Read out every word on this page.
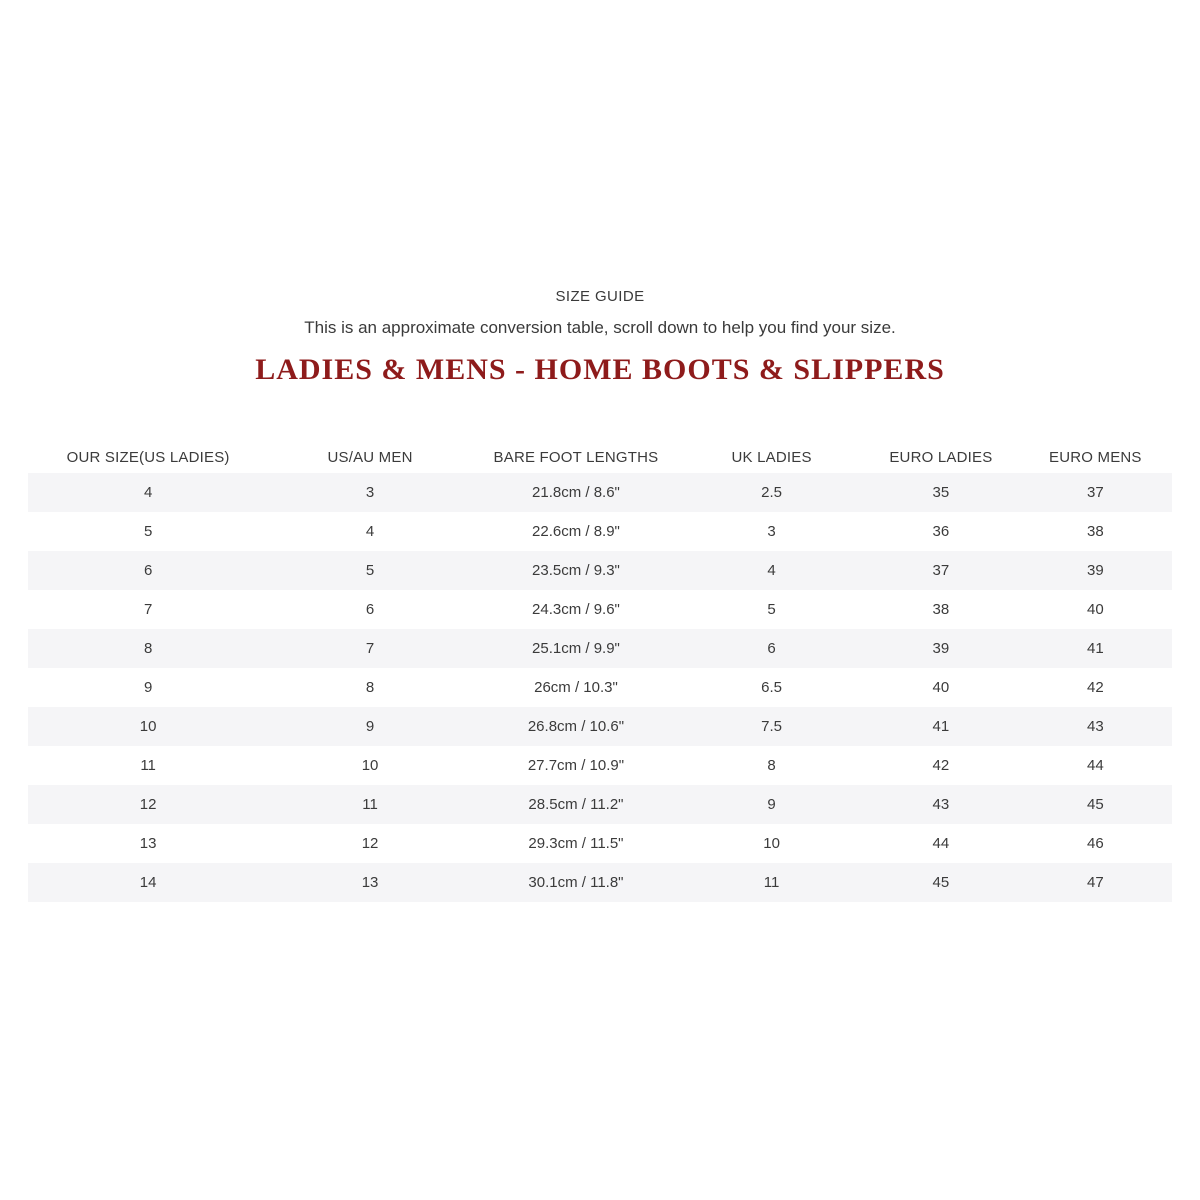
SIZE GUIDE
This is an approximate conversion table, scroll down to help you find your size.
LADIES & MENS - HOME BOOTS & SLIPPERS
OUR SIZE(US LADIES)	US/AU MEN	BARE FOOT LENGTHS	UK LADIES	EURO LADIES	EURO MENS
4	3	21.8cm / 8.6"	2.5	35	37
5	4	22.6cm / 8.9"	3	36	38
6	5	23.5cm / 9.3"	4	37	39
7	6	24.3cm / 9.6"	5	38	40
8	7	25.1cm / 9.9"	6	39	41
9	8	26cm / 10.3"	6.5	40	42
10	9	26.8cm / 10.6"	7.5	41	43
11	10	27.7cm / 10.9"	8	42	44
12	11	28.5cm / 11.2"	9	43	45
13	12	29.3cm / 11.5"	10	44	46
14	13	30.1cm / 11.8"	11	45	47
